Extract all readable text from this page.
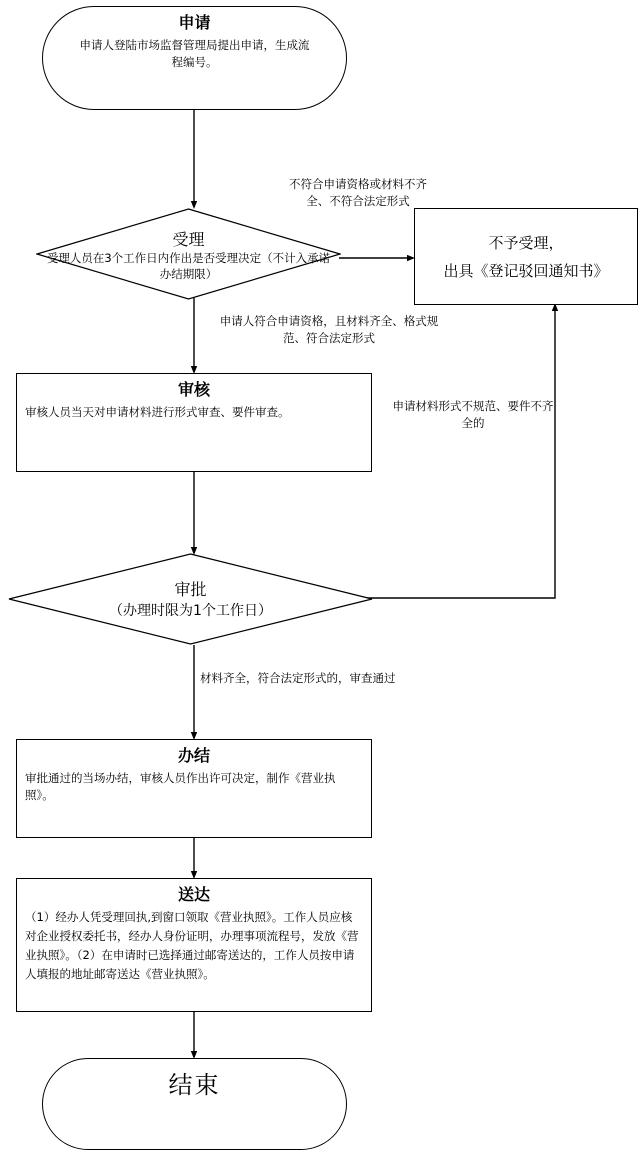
申请
申请人登陆市场监督管理局提出申请，生成流程编号。
受理
受理人员在3个工作日内作出是否受理决定（不计入承诺办结期限）
不予受理，
出具《登记驳回通知书》
审核
审核人员当天对申请材料进行形式审查、要件审查。
审批
（办理时限为1个工作日）
办结
审批通过的当场办结，审核人员作出许可决定，制作《营业执照》。
送达
（1）经办人凭受理回执,到窗口领取《营业执照》。工作人员应核对企业授权委托书，经办人身份证明，办理事项流程号，发放《营业执照》。（2）在申请时已选择通过邮寄送达的，工作人员按申请人填报的地址邮寄送达《营业执照》。
结束
不符合申请资格或材料不齐全、不符合法定形式
申请人符合申请资格，且材料齐全、格式规范、符合法定形式
申请材料形式不规范、要件不齐全的
材料齐全，符合法定形式的，审查通过
